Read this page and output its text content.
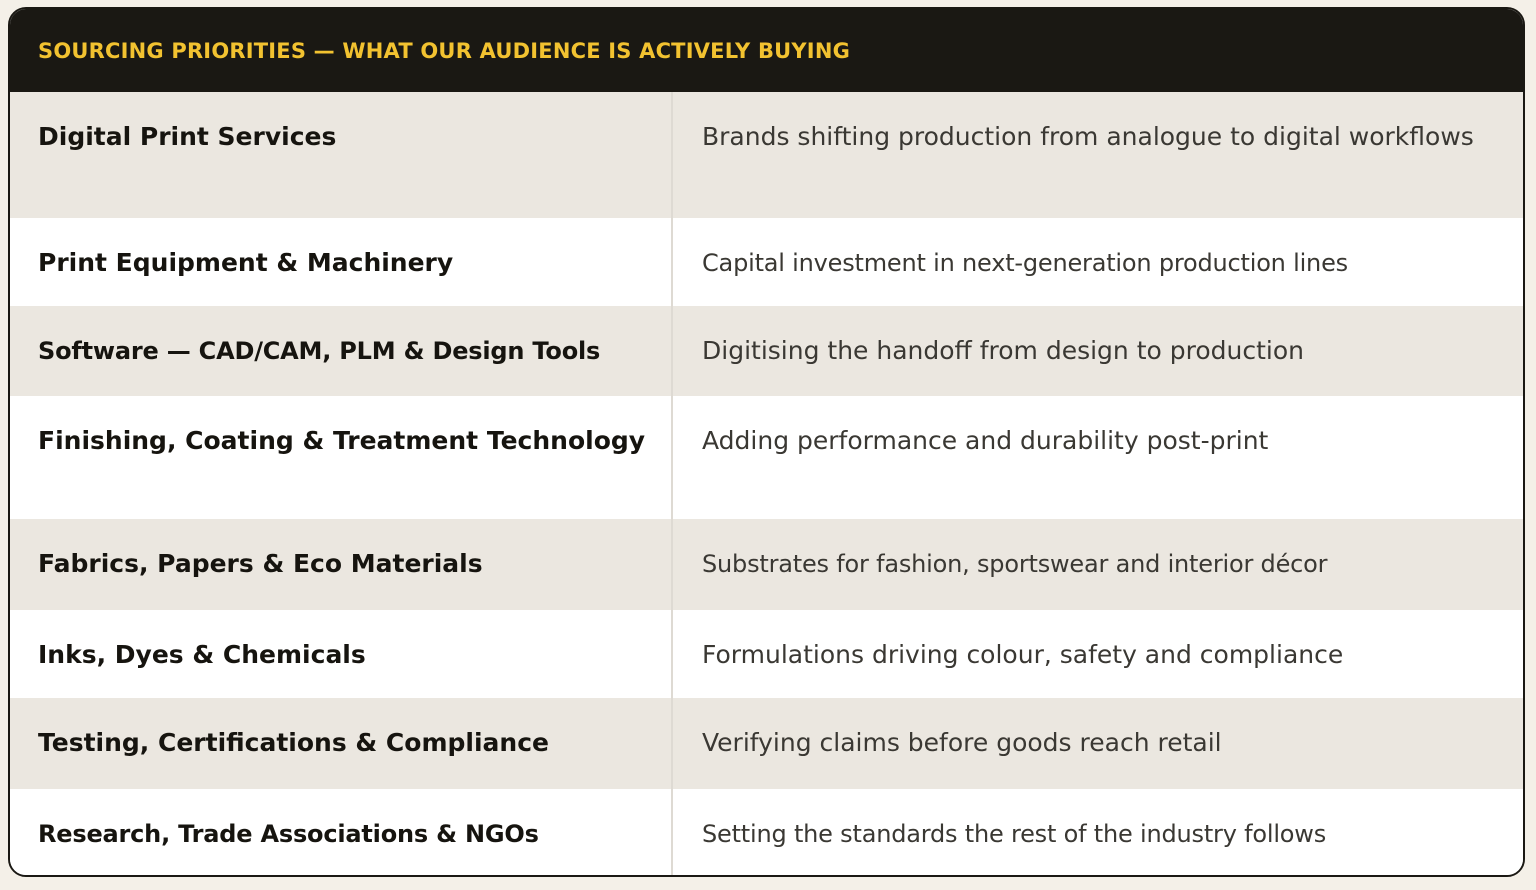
SOURCING PRIORITIES — WHAT OUR AUDIENCE IS ACTIVELY BUYING
Digital Print Services	Brands shifting production from analogue to digital workflows
Print Equipment & Machinery	Capital investment in next-generation production lines
Software — CAD/CAM, PLM & Design Tools	Digitising the handoff from design to production
Finishing, Coating & Treatment Technology	Adding performance and durability post-print
Fabrics, Papers & Eco Materials	Substrates for fashion, sportswear and interior décor
Inks, Dyes & Chemicals	Formulations driving colour, safety and compliance
Testing, Certifications & Compliance	Verifying claims before goods reach retail
Research, Trade Associations & NGOs	Setting the standards the rest of the industry follows
